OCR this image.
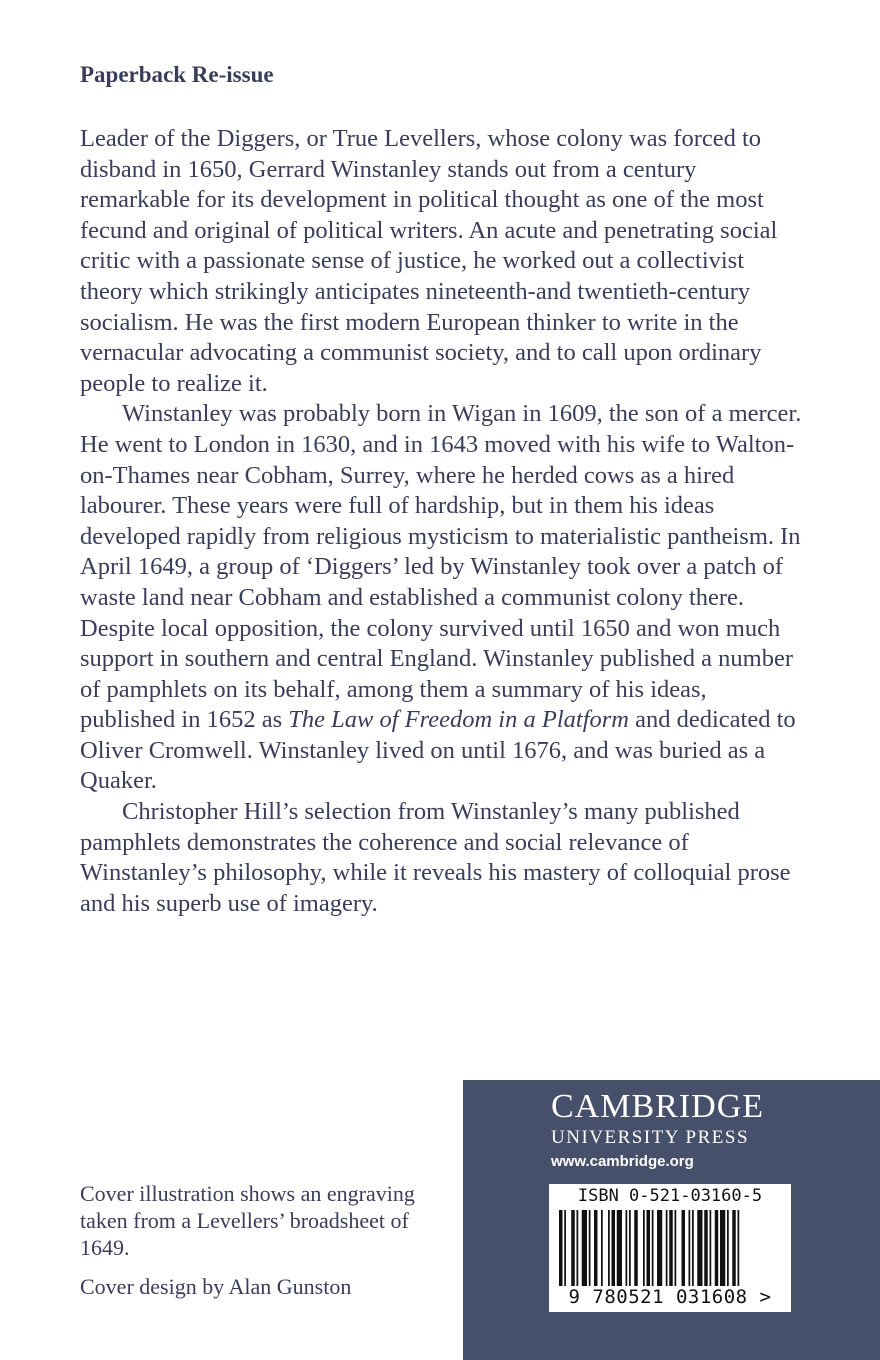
Paperback Re-issue

Leader of the Diggers, or True Levellers, whose colony was forced to disband in 1650, Gerrard Winstanley stands out from a century remarkable for its development in political thought as one of the most fecund and original of political writers. An acute and penetrating social critic with a passionate sense of justice, he worked out a collectivist theory which strikingly anticipates nineteenth-and twentieth-century socialism. He was the first modern European thinker to write in the vernacular advocating a communist society, and to call upon ordinary people to realize it.

Winstanley was probably born in Wigan in 1609, the son of a mercer. He went to London in 1630, and in 1643 moved with his wife to Walton-on-Thames near Cobham, Surrey, where he herded cows as a hired labourer. These years were full of hardship, but in them his ideas developed rapidly from religious mysticism to materialistic pantheism. In April 1649, a group of ‘Diggers’ led by Winstanley took over a patch of waste land near Cobham and established a communist colony there. Despite local opposition, the colony survived until 1650 and won much support in southern and central England. Winstanley published a number of pamphlets on its behalf, among them a summary of his ideas, published in 1652 as The Law of Freedom in a Platform and dedicated to Oliver Cromwell. Winstanley lived on until 1676, and was buried as a Quaker.

Christopher Hill’s selection from Winstanley’s many published pamphlets demonstrates the coherence and social relevance of Winstanley’s philosophy, while it reveals his mastery of colloquial prose and his superb use of imagery.

Cover illustration shows an engraving taken from a Levellers’ broadsheet of 1649.

Cover design by Alan Gunston

CAMBRIDGE
UNIVERSITY PRESS
www.cambridge.org
ISBN 0-521-03160-5
9 780521 031608 >
